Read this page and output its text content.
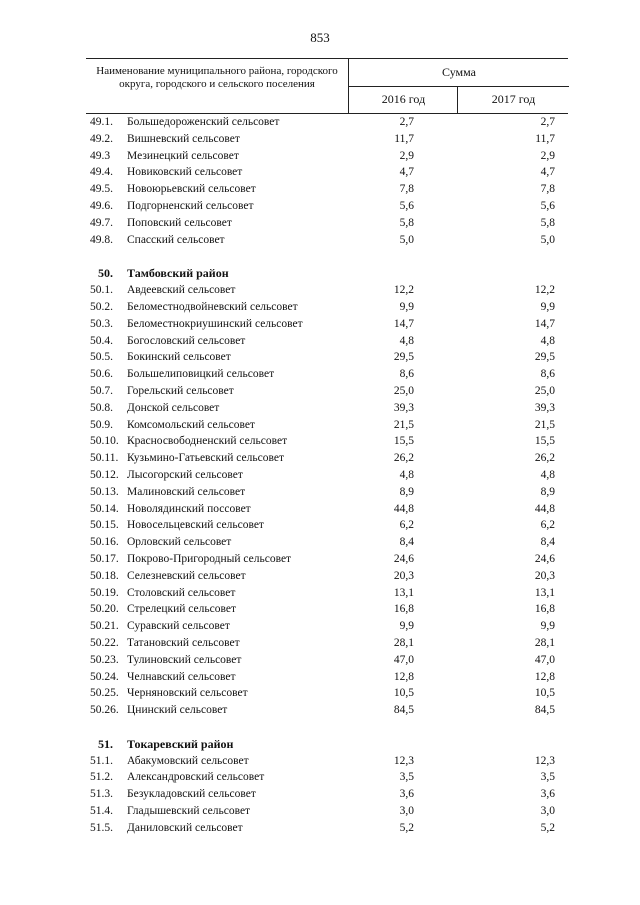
853
Наименование муниципального района, городского округа, городского и сельского поселения
Сумма
2016 год	2017 год
49.1. Большедороженский сельсовет	2,7	2,7
49.2. Вишневский сельсовет	11,7	11,7
49.3 Мезинецкий сельсовет	2,9	2,9
49.4. Новиковский сельсовет	4,7	4,7
49.5. Новоюрьевский сельсовет	7,8	7,8
49.6. Подгорненский сельсовет	5,6	5,6
49.7. Поповский сельсовет	5,8	5,8
49.8. Спасский сельсовет	5,0	5,0
50. Тамбовский район
50.1. Авдеевский сельсовет	12,2	12,2
50.2. Беломестнодвойневский сельсовет	9,9	9,9
50.3. Беломестнокриушинский сельсовет	14,7	14,7
50.4. Богословский сельсовет	4,8	4,8
50.5. Бокинский сельсовет	29,5	29,5
50.6. Большелиповицкий сельсовет	8,6	8,6
50.7. Горельский сельсовет	25,0	25,0
50.8. Донской сельсовет	39,3	39,3
50.9. Комсомольский сельсовет	21,5	21,5
50.10. Красносвободненский сельсовет	15,5	15,5
50.11. Кузьмино-Гатьевский сельсовет	26,2	26,2
50.12. Лысогорский сельсовет	4,8	4,8
50.13. Малиновский сельсовет	8,9	8,9
50.14. Новолядинский поссовет	44,8	44,8
50.15. Новосельцевский сельсовет	6,2	6,2
50.16. Орловский сельсовет	8,4	8,4
50.17. Покрово-Пригородный сельсовет	24,6	24,6
50.18. Селезневский сельсовет	20,3	20,3
50.19. Столовский сельсовет	13,1	13,1
50.20. Стрелецкий сельсовет	16,8	16,8
50.21. Суравский сельсовет	9,9	9,9
50.22. Татановский сельсовет	28,1	28,1
50.23. Тулиновский сельсовет	47,0	47,0
50.24. Челнавский сельсовет	12,8	12,8
50.25. Черняновский сельсовет	10,5	10,5
50.26. Цнинский сельсовет	84,5	84,5
51. Токаревский район
51.1. Абакумовский сельсовет	12,3	12,3
51.2. Александровский сельсовет	3,5	3,5
51.3. Безукладовский сельсовет	3,6	3,6
51.4. Гладышевский сельсовет	3,0	3,0
51.5. Даниловский сельсовет	5,2	5,2
